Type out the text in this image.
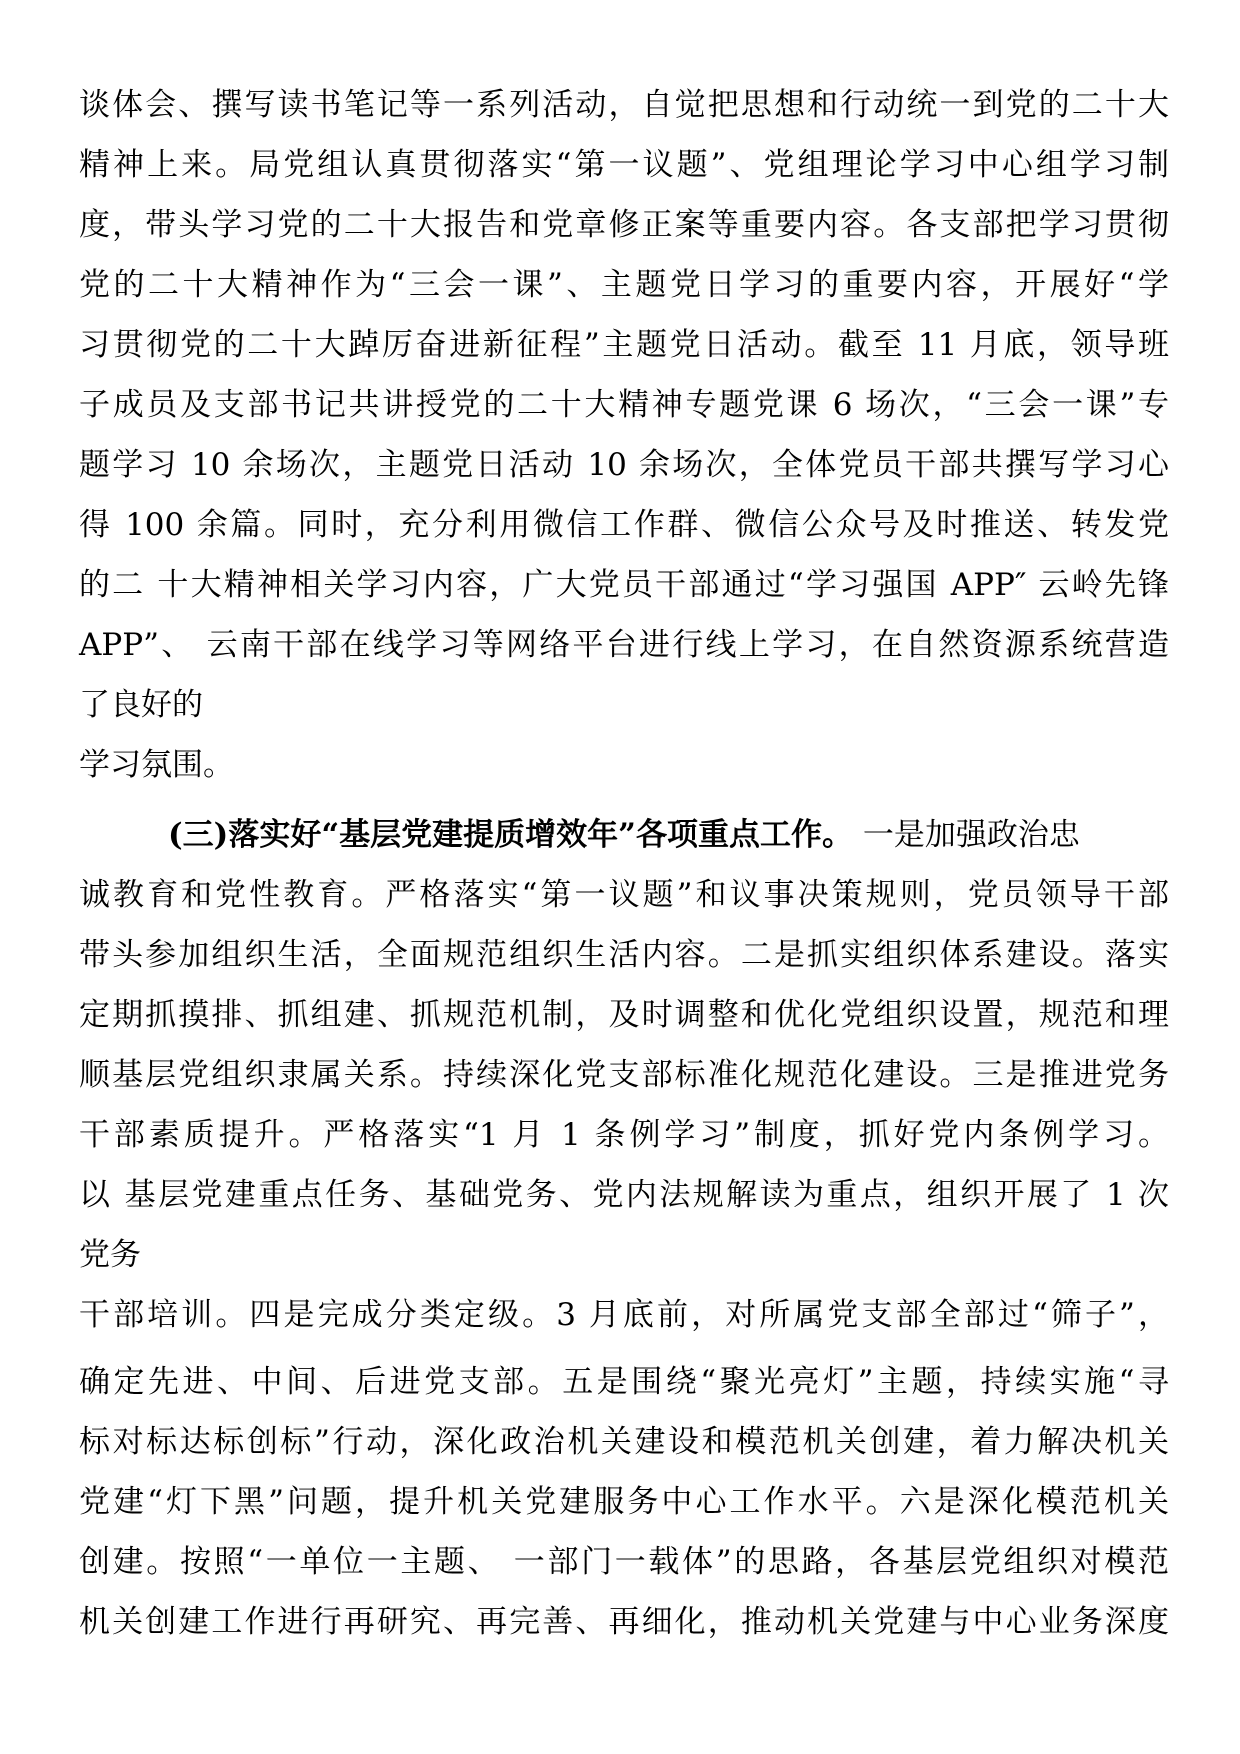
谈体会、撰写读书笔记等一系列活动，自觉把思想和行动统一到党的二十大
精神上来。局党组认真贯彻落实“第一议题”、党组理论学习中心组学习制
度，带头学习党的二十大报告和党章修正案等重要内容。各支部把学习贯彻
党的二十大精神作为“三会一课”、主题党日学习的重要内容，开展好“学
习贯彻党的二十大踔厉奋进新征程”主题党日活动。截至 11 月底，领导班
子成员及支部书记共讲授党的二十大精神专题党课 6 场次，“三会一课”专
题学习 10 余场次，主题党日活动 10 余场次，全体党员干部共撰写学习心
得 100 余篇。同时，充分利用微信工作群、微信公众号及时推送、转发党
的二 十大精神相关学习内容，广大党员干部通过“学习强国 APP″ 云岭先锋
APP”、 云南干部在线学习等网络平台进行线上学习，在自然资源系统营造
了良好的
学习氛围。
(三)落实好“基层党建提质增效年”各项重点工作。 一是加强政治忠
诚教育和党性教育。严格落实“第一议题”和议事决策规则，党员领导干部
带头参加组织生活，全面规范组织生活内容。二是抓实组织体系建设。落实
定期抓摸排、抓组建、抓规范机制，及时调整和优化党组织设置，规范和理
顺基层党组织隶属关系。持续深化党支部标准化规范化建设。三是推进党务
干部素质提升。严格落实“1 月 1 条例学习”制度，抓好党内条例学习。
以 基层党建重点任务、基础党务、党内法规解读为重点，组织开展了 1 次
党务
干部培训。四是完成分类定级。3 月底前，对所属党支部全部过“筛子”，
确定先进、中间、后进党支部。五是围绕“聚光亮灯”主题，持续实施“寻
标对标达标创标”行动，深化政治机关建设和模范机关创建，着力解决机关
党建“灯下黑”问题，提升机关党建服务中心工作水平。六是深化模范机关
创建。按照“一单位一主题、 一部门一载体”的思路，各基层党组织对模范
机关创建工作进行再研究、再完善、再细化，推动机关党建与中心业务深度
